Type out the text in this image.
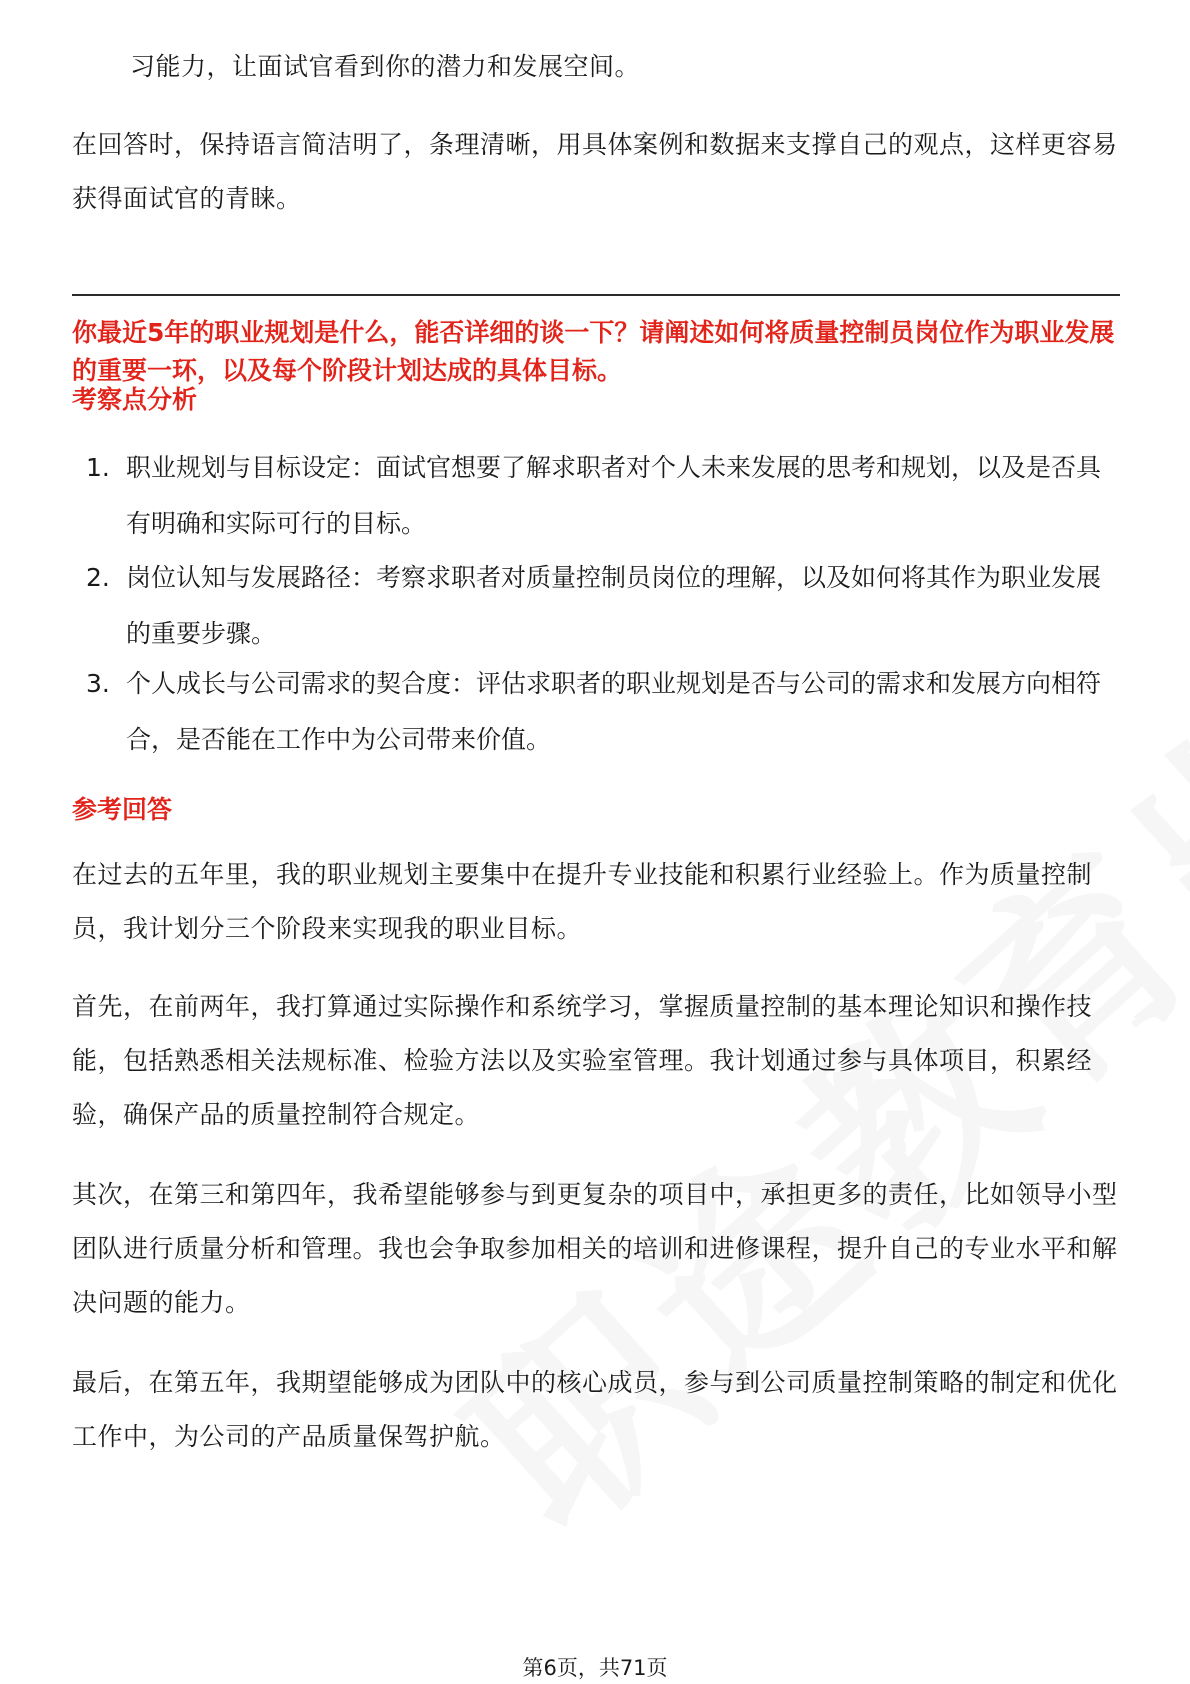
习能力，让面试官看到你的潜力和发展空间。
在回答时，保持语言简洁明了，条理清晰，用具体案例和数据来支撑自己的观点，这样更容易获得面试官的青睐。
你最近5年的职业规划是什么，能否详细的谈一下？请阐述如何将质量控制员岗位作为职业发展的重要一环，以及每个阶段计划达成的具体目标。
考察点分析
1. 职业规划与目标设定：面试官想要了解求职者对个人未来发展的思考和规划，以及是否具有明确和实际可行的目标。
2. 岗位认知与发展路径：考察求职者对质量控制员岗位的理解，以及如何将其作为职业发展的重要步骤。
3. 个人成长与公司需求的契合度：评估求职者的职业规划是否与公司的需求和发展方向相符合，是否能在工作中为公司带来价值。
参考回答
在过去的五年里，我的职业规划主要集中在提升专业技能和积累行业经验上。作为质量控制员，我计划分三个阶段来实现我的职业目标。
首先，在前两年，我打算通过实际操作和系统学习，掌握质量控制的基本理论知识和操作技能，包括熟悉相关法规标准、检验方法以及实验室管理。我计划通过参与具体项目，积累经验，确保产品的质量控制符合规定。
其次，在第三和第四年，我希望能够参与到更复杂的项目中，承担更多的责任，比如领导小型团队进行质量分析和管理。我也会争取参加相关的培训和进修课程，提升自己的专业水平和解决问题的能力。
最后，在第五年，我期望能够成为团队中的核心成员，参与到公司质量控制策略的制定和优化工作中，为公司的产品质量保驾护航。
第6页，共71页
